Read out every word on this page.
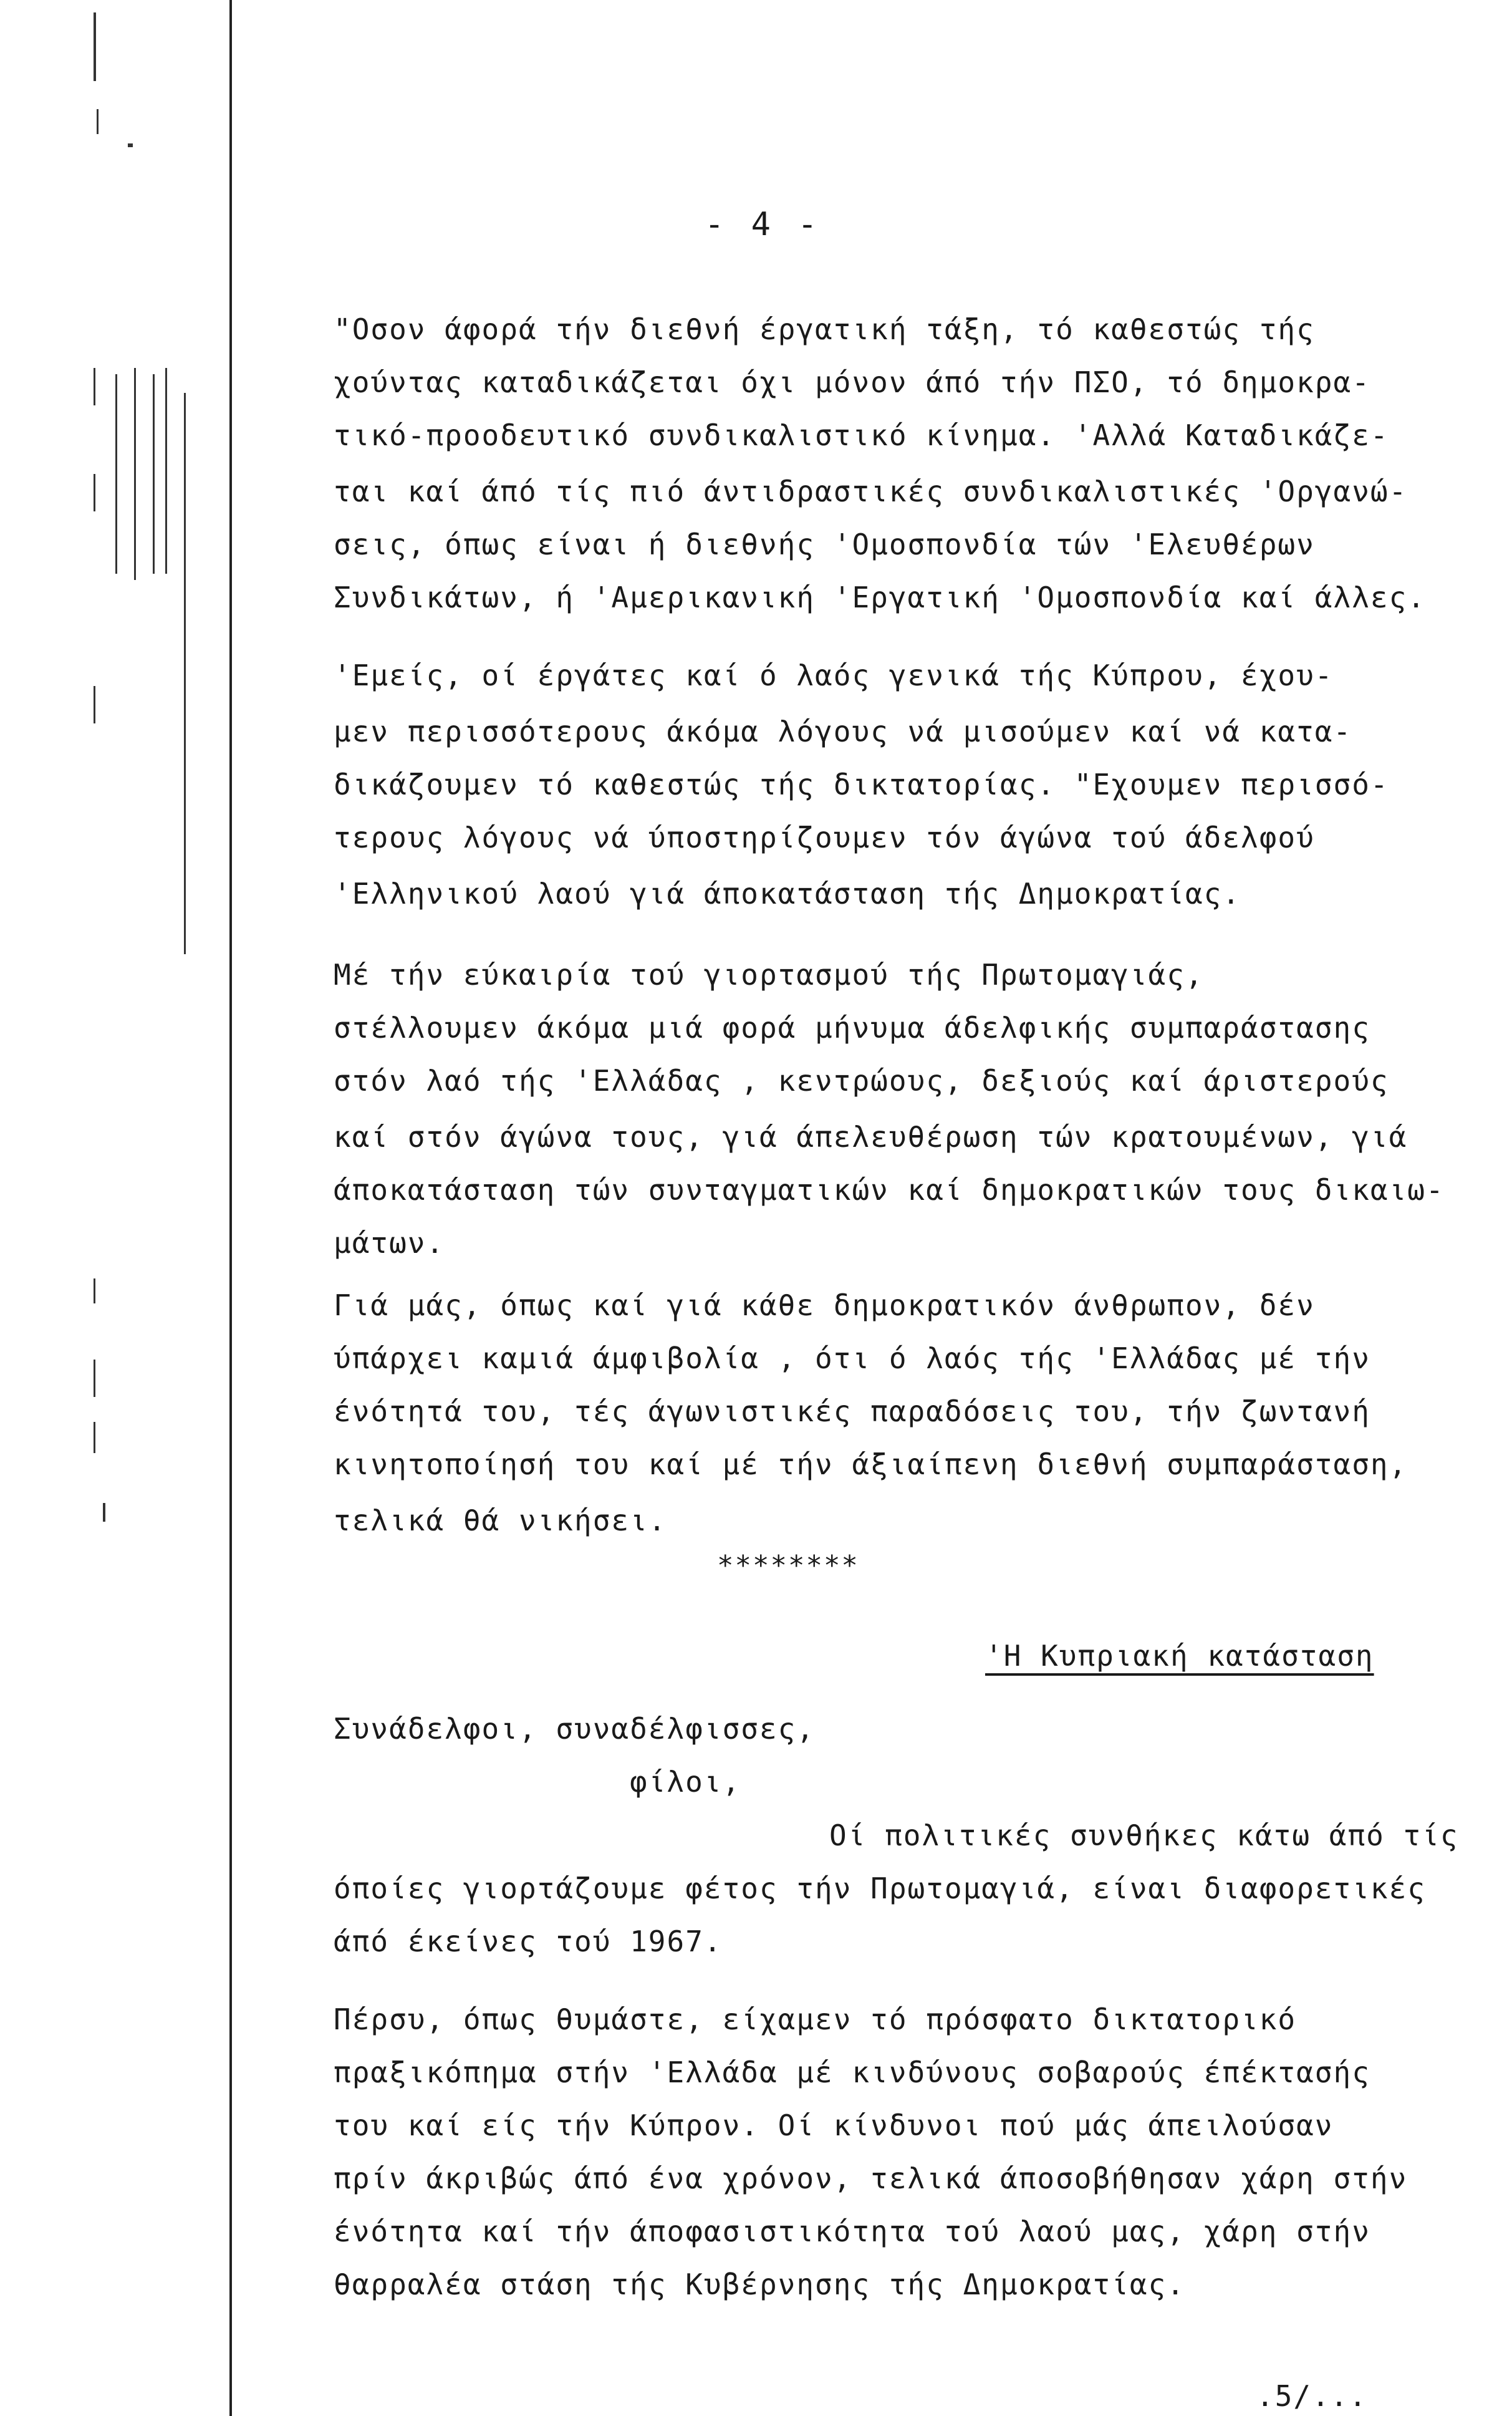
- 4 -
"Οσον άφορά τήν διεθνή έργατική τάξη, τό καθεστώς τής
χούντας καταδικάζεται όχι μόνον άπό τήν ΠΣΟ, τό δημοκρα-
τικό-προοδευτικό συνδικαλιστικό κίνημα. 'Αλλά Καταδικάζε-
ται καί άπό τίς πιό άντιδραστικές συνδικαλιστικές 'Οργανώ-
σεις, όπως είναι ή διεθνής 'Ομοσπονδία τών 'Ελευθέρων
Συνδικάτων, ή 'Αμερικανική 'Εργατική 'Ομοσπονδία καί άλλες.
'Εμείς, οί έργάτες καί ό λαός γενικά τής Κύπρου, έχου-
μεν περισσότερους άκόμα λόγους νά μισούμεν καί νά κατα-
δικάζουμεν τό καθεστώς τής δικτατορίας. "Εχουμεν περισσό-
τερους λόγους νά ύποστηρίζουμεν τόν άγώνα τού άδελφού
'Ελληνικού λαού γιά άποκατάσταση τής Δημοκρατίας.
Μέ τήν εύκαιρία τού γιορτασμού τής Πρωτομαγιάς,
στέλλουμεν άκόμα μιά φορά μήνυμα άδελφικής συμπαράστασης
στόν λαό τής 'Ελλάδας , κεντρώους, δεξιούς καί άριστερούς
καί στόν άγώνα τους, γιά άπελευθέρωση τών κρατουμένων, γιά
άποκατάσταση τών συνταγματικών καί δημοκρατικών τους δικαιω-
μάτων.
Γιά μάς, όπως καί γιά κάθε δημοκρατικόν άνθρωπον, δέν
ύπάρχει καμιά άμφιβολία , ότι ό λαός τής 'Ελλάδας μέ τήν
ένότητά του, τές άγωνιστικές παραδόσεις του, τήν ζωντανή
κινητοποίησή του καί μέ τήν άξιαίπενη διεθνή συμπαράσταση,
τελικά θά νικήσει.
********
'Η Κυπριακή κατάσταση
Συνάδελφοι, συναδέλφισσες,
φίλοι,
Οί πολιτικές συνθήκες κάτω άπό τίς
όποίες γιορτάζουμε φέτος τήν Πρωτομαγιά, είναι διαφορετικές
άπό έκείνες τού 1967.
Πέρσυ, όπως θυμάστε, είχαμεν τό πρόσφατο δικτατορικό
πραξικόπημα στήν 'Ελλάδα μέ κινδύνους σοβαρούς έπέκτασής
του καί είς τήν Κύπρον. Οί κίνδυνοι πού μάς άπειλούσαν
πρίν άκριβώς άπό ένα χρόνον, τελικά άποσοβήθησαν χάρη στήν
ένότητα καί τήν άποφασιστικότητα τού λαού μας, χάρη στήν
θαρραλέα στάση τής Κυβέρνησης τής Δημοκρατίας.
.5/...
